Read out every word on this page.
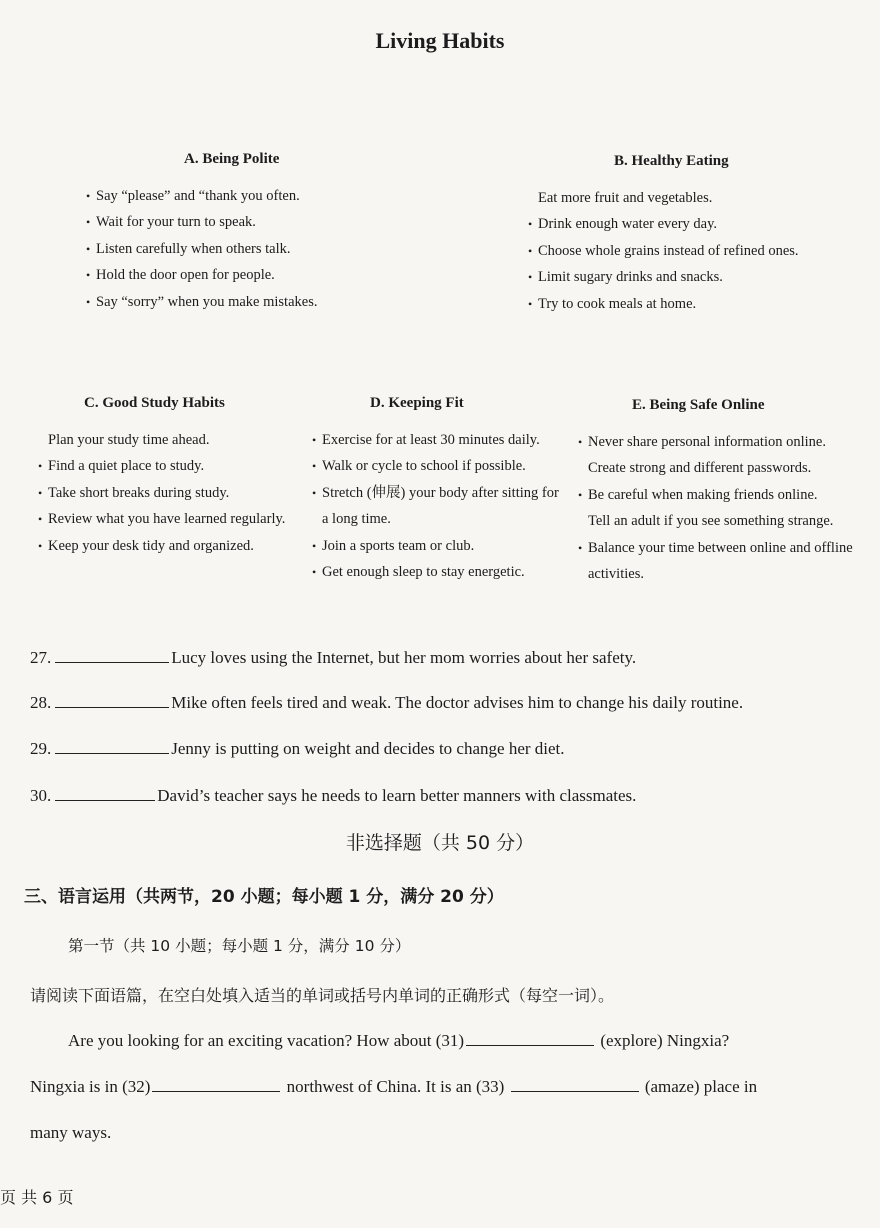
Living Habits
A. Being Polite
• Say “please” and “thank you often.
• Wait for your turn to speak.
• Listen carefully when others talk.
• Hold the door open for people.
• Say “sorry” when you make mistakes.
B. Healthy Eating
Eat more fruit and vegetables.
• Drink enough water every day.
• Choose whole grains instead of refined ones.
• Limit sugary drinks and snacks.
• Try to cook meals at home.
C. Good Study Habits
Plan your study time ahead.
• Find a quiet place to study.
• Take short breaks during study.
• Review what you have learned regularly.
• Keep your desk tidy and organized.
D. Keeping Fit
• Exercise for at least 30 minutes daily.
• Walk or cycle to school if possible.
• Stretch (伸展) your body after sitting for a long time.
• Join a sports team or club.
• Get enough sleep to stay energetic.
E. Being Safe Online
• Never share personal information online.
Create strong and different passwords.
• Be careful when making friends online.
Tell an adult if you see something strange.
• Balance your time between online and offline activities.
27.	Lucy loves using the Internet, but her mom worries about her safety.
28.	Mike often feels tired and weak. The doctor advises him to change his daily routine.
29.	Jenny is putting on weight and decides to change her diet.
30.	David’s teacher says he needs to learn better manners with classmates.
非选择题（共 50 分）
三、语言运用（共两节，20 小题；每小题 1 分，满分 20 分）
第一节（共 10 小题；每小题 1 分，满分 10 分）
请阅读下面语篇，在空白处填入适当的单词或括号内单词的正确形式（每空一词）。
Are you looking for an exciting vacation? How about (31)	(explore) Ningxia?
Ningxia is in (32)	northwest of China. It is an (33)	(amaze) place in
many ways.
页 共 6 页
